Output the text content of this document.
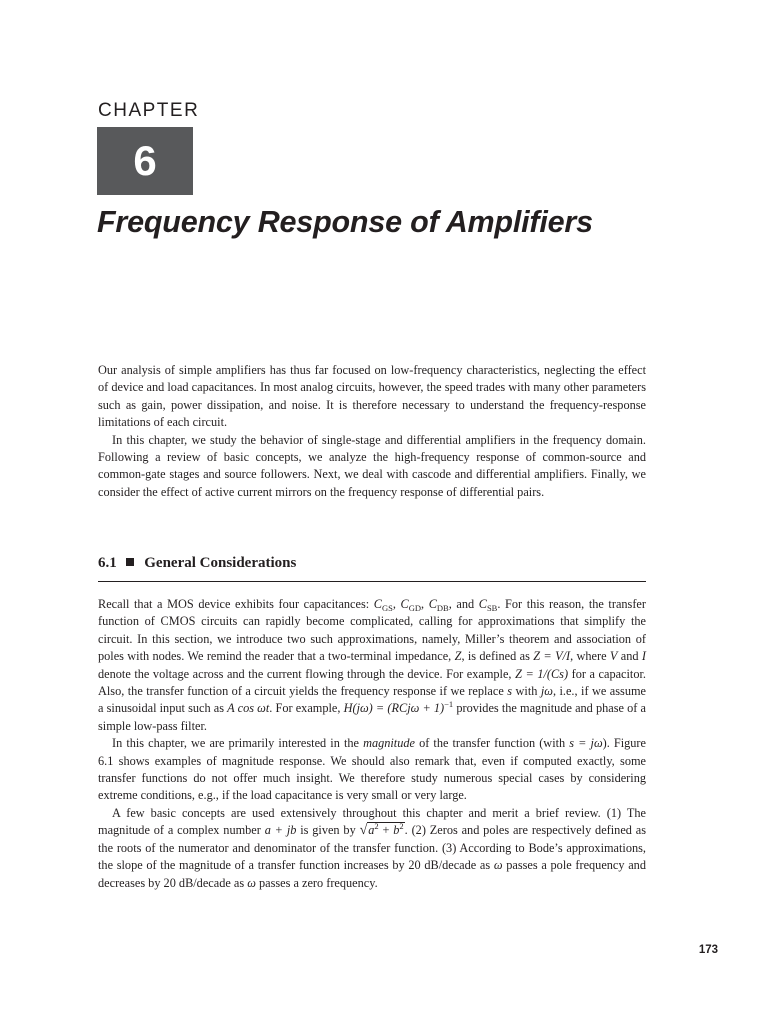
CHAPTER
6
Frequency Response of Amplifiers

Our analysis of simple amplifiers has thus far focused on low-frequency characteristics, neglecting the effect of device and load capacitances. In most analog circuits, however, the speed trades with many other parameters such as gain, power dissipation, and noise. It is therefore necessary to understand the frequency-response limitations of each circuit.

In this chapter, we study the behavior of single-stage and differential amplifiers in the frequency domain. Following a review of basic concepts, we analyze the high-frequency response of common-source and common-gate stages and source followers. Next, we deal with cascode and differential amplifiers. Finally, we consider the effect of active current mirrors on the frequency response of differential pairs.

6.1 General Considerations

Recall that a MOS device exhibits four capacitances: $C_{GS}$, $C_{GD}$, $C_{DB}$, and $C_{SB}$. For this reason, the transfer function of CMOS circuits can rapidly become complicated, calling for approximations that simplify the circuit. In this section, we introduce two such approximations, namely, Miller’s theorem and association of poles with nodes. We remind the reader that a two-terminal impedance, Z, is defined as Z = V/I, where V and I denote the voltage across and the current flowing through the device. For example, Z = 1/(Cs) for a capacitor. Also, the transfer function of a circuit yields the frequency response if we replace s with jω, i.e., if we assume a sinusoidal input such as A cos ωt. For example, $H(j\omega) = (RCj\omega + 1)^{-1}$ provides the magnitude and phase of a simple low-pass filter.

In this chapter, we are primarily interested in the magnitude of the transfer function (with s = jω). Figure 6.1 shows examples of magnitude response. We should also remark that, even if computed exactly, some transfer functions do not offer much insight. We therefore study numerous special cases by considering extreme conditions, e.g., if the load capacitance is very small or very large.

A few basic concepts are used extensively throughout this chapter and merit a brief review. (1) The magnitude of a complex number a + jb is given by $√a^2 + b^2$. (2) Zeros and poles are respectively defined as the roots of the numerator and denominator of the transfer function. (3) According to Bode’s approximations, the slope of the magnitude of a transfer function increases by 20 dB/decade as ω passes a pole frequency and decreases by 20 dB/decade as ω passes a zero frequency.

173
